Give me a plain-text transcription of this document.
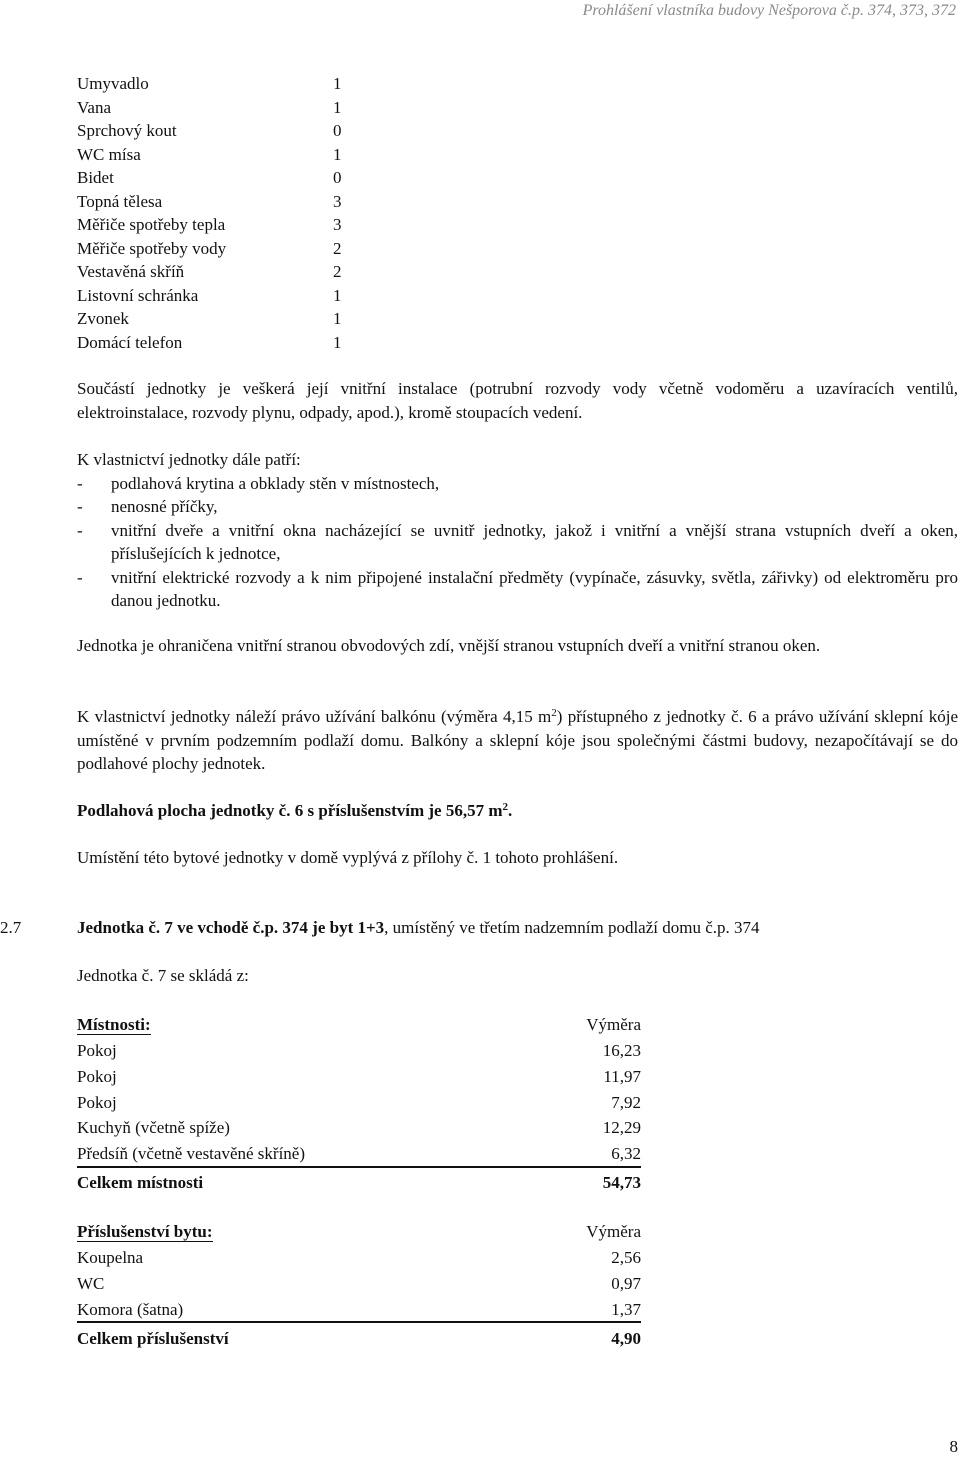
Prohlášení vlastníka budovy Nešporova č.p. 374, 373, 372
Umyvadlo	1
Vana	1
Sprchový kout	0
WC mísa	1
Bidet	0
Topná tělesa	3
Měřiče spotřeby tepla	3
Měřiče spotřeby vody	2
Vestavěná skříň	2
Listovní schránka	1
Zvonek	1
Domácí telefon	1

Součástí jednotky je veškerá její vnitřní instalace (potrubní rozvody vody včetně vodoměru a uzavíracích ventilů, elektroinstalace, rozvody plynu, odpady, apod.), kromě stoupacích vedení.

K vlastnictví jednotky dále patří:

- podlahová krytina a obklady stěn v místnostech,
- nenosné příčky,
- vnitřní dveře a vnitřní okna nacházející se uvnitř jednotky, jakož i vnitřní a vnější strana vstupních dveří a oken, příslušejících k jednotce,
- vnitřní elektrické rozvody a k nim připojené instalační předměty (vypínače, zásuvky, světla, zářivky) od elektroměru pro danou jednotku.

Jednotka je ohraničena vnitřní stranou obvodových zdí, vnější stranou vstupních dveří a vnitřní stranou oken.

K vlastnictví jednotky náleží právo užívání balkónu (výměra 4,15 $m^2$) přístupného z jednotky č. 6 a právo užívání sklepní kóje umístěné v prvním podzemním podlaží domu. Balkóny a sklepní kóje jsou společnými částmi budovy, nezapočítávají se do podlahové plochy jednotek.

Podlahová plocha jednotky č. 6 s příslušenstvím je 56,57 $m^2$.

Umístění této bytové jednotky v domě vyplývá z přílohy č. 1 tohoto prohlášení.

2.7	Jednotka č. 7 ve vchodě č.p. 374 je byt 1+3, umístěný ve třetím nadzemním podlaží domu č.p. 374

Jednotka č. 7 se skládá z:

Místnosti:	Výměra
Pokoj	16,23
Pokoj	11,97
Pokoj	7,92
Kuchyň (včetně spíže)	12,29
Předsíň (včetně vestavěné skříně)	6,32
Celkem místnosti	54,73
Příslušenství bytu:	Výměra
Koupelna	2,56
WC	0,97
Komora (šatna)	1,37
Celkem příslušenství	4,90
8
